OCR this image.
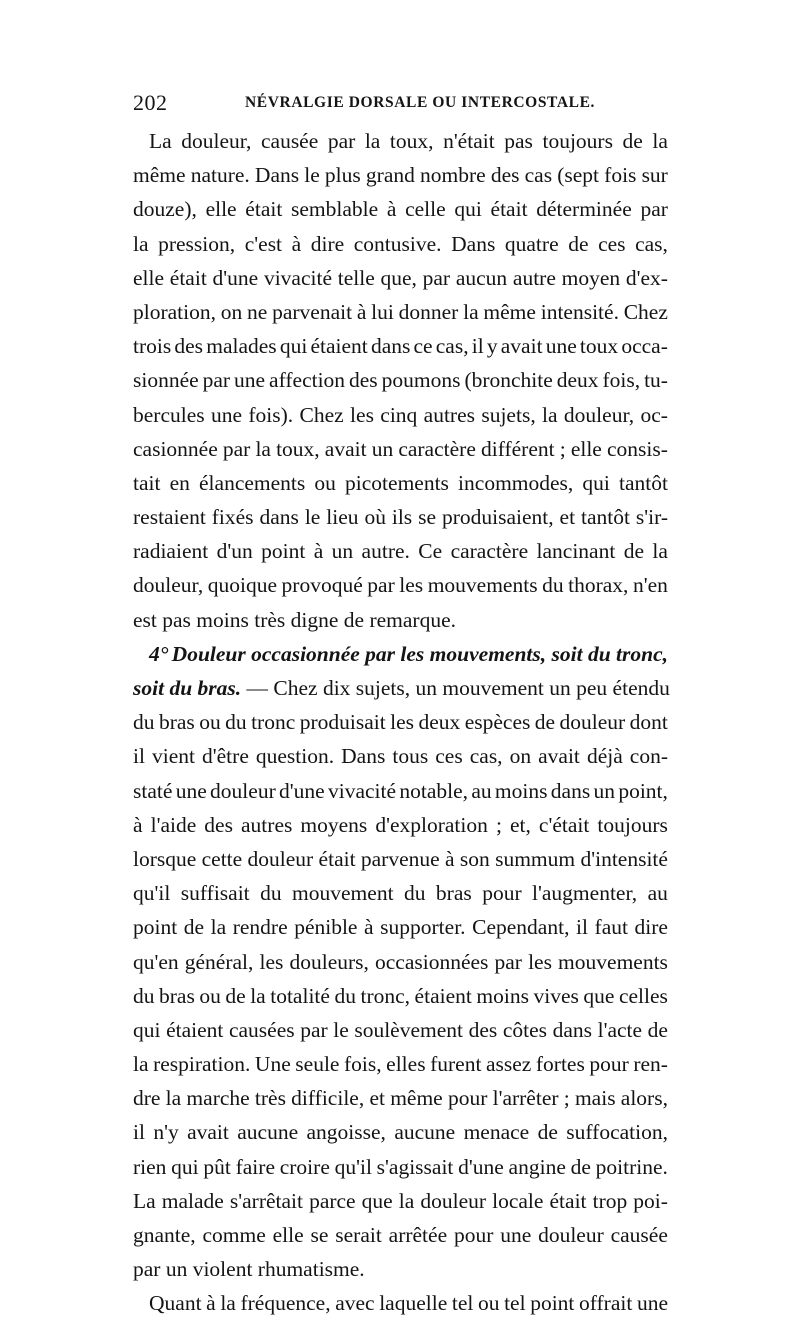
202	NÉVRALGIE DORSALE OU INTERCOSTALE.
La douleur, causée par la toux, n'était pas toujours de la
même nature. Dans le plus grand nombre des cas (sept fois sur
douze), elle était semblable à celle qui était déterminée par
la pression, c'est à dire contusive. Dans quatre de ces cas,
elle était d'une vivacité telle que, par aucun autre moyen d'ex-
ploration, on ne parvenait à lui donner la même intensité. Chez
trois des malades qui étaient dans ce cas, il y avait une toux occa-
sionnée par une affection des poumons (bronchite deux fois, tu-
bercules une fois). Chez les cinq autres sujets, la douleur, oc-
casionnée par la toux, avait un caractère différent ; elle consis-
tait en élancements ou picotements incommodes, qui tantôt
restaient fixés dans le lieu où ils se produisaient, et tantôt s'ir-
radiaient d'un point à un autre. Ce caractère lancinant de la
douleur, quoique provoqué par les mouvements du thorax, n'en
est pas moins très digne de remarque.
4° Douleur occasionnée par les mouvements, soit du tronc,
soit du bras. — Chez dix sujets, un mouvement un peu étendu
du bras ou du tronc produisait les deux espèces de douleur dont
il vient d'être question. Dans tous ces cas, on avait déjà con-
staté une douleur d'une vivacité notable, au moins dans un point,
à l'aide des autres moyens d'exploration ; et, c'était toujours
lorsque cette douleur était parvenue à son summum d'intensité
qu'il suffisait du mouvement du bras pour l'augmenter, au
point de la rendre pénible à supporter. Cependant, il faut dire
qu'en général, les douleurs, occasionnées par les mouvements
du bras ou de la totalité du tronc, étaient moins vives que celles
qui étaient causées par le soulèvement des côtes dans l'acte de
la respiration. Une seule fois, elles furent assez fortes pour ren-
dre la marche très difficile, et même pour l'arrêter ; mais alors,
il n'y avait aucune angoisse, aucune menace de suffocation,
rien qui pût faire croire qu'il s'agissait d'une angine de poitrine.
La malade s'arrêtait parce que la douleur locale était trop poi-
gnante, comme elle se serait arrêtée pour une douleur causée
par un violent rhumatisme.
Quant à la fréquence, avec laquelle tel ou tel point offrait une
